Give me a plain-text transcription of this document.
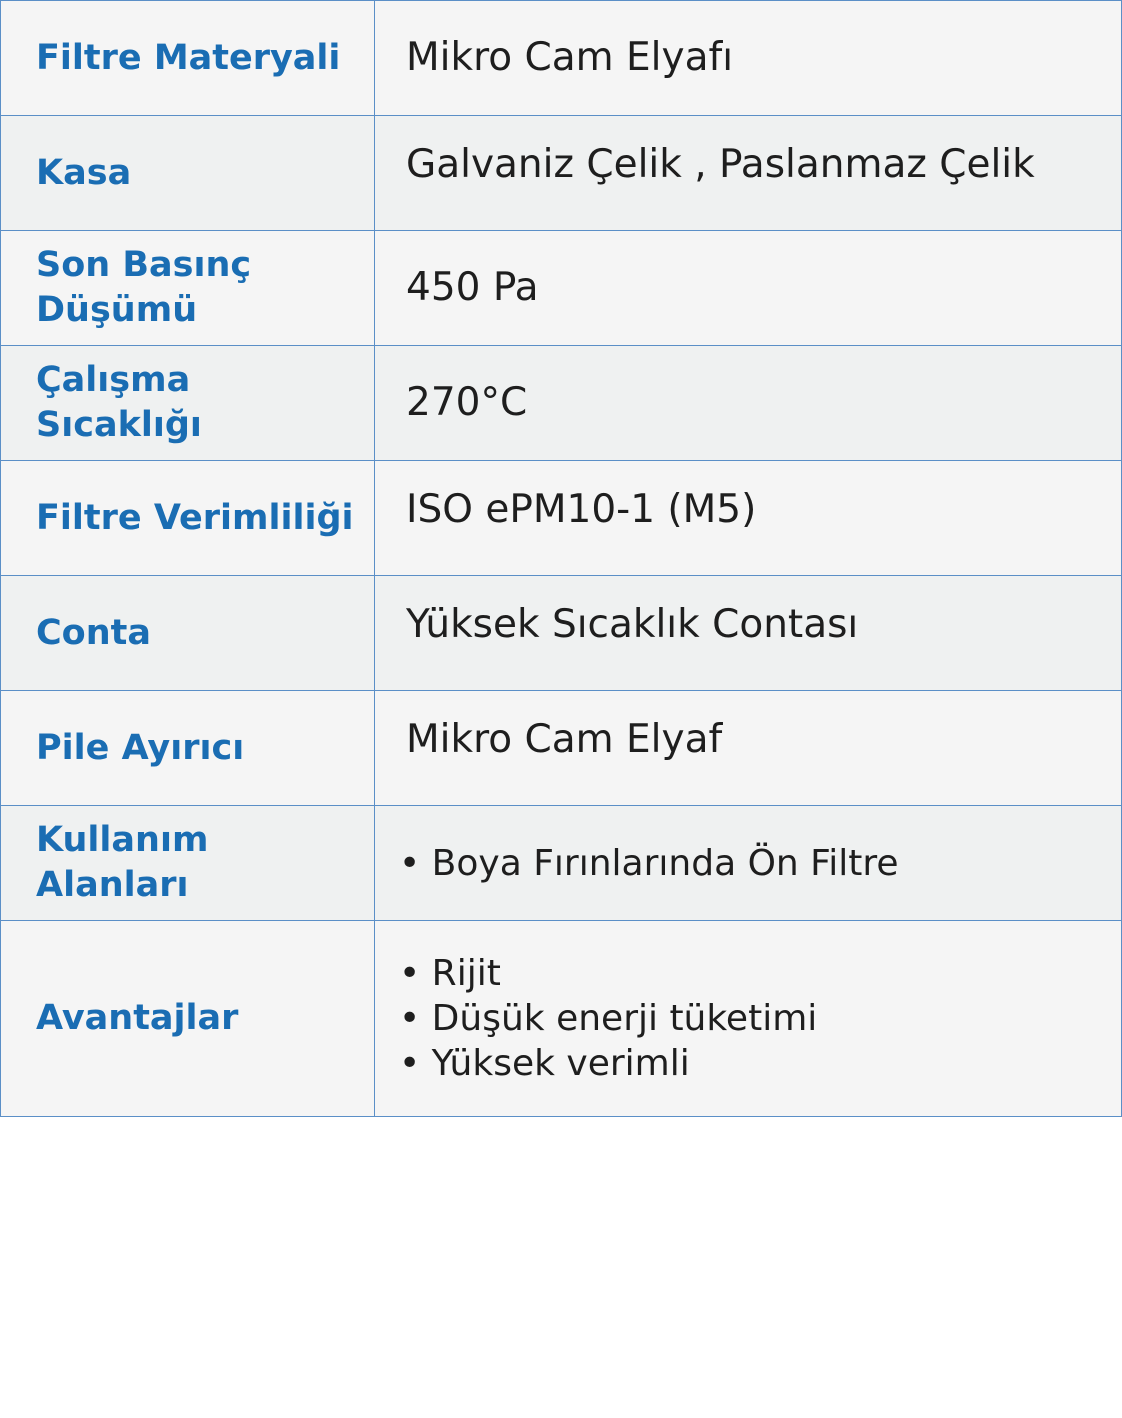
Filtre Materyali	Mikro Cam Elyafı
Kasa	Galvaniz Çelik , Paslanmaz Çelik
Son Basınç Düşümü	450 Pa
Çalışma Sıcaklığı	270°C
Filtre Verimliliği	ISO ePM10-1 (M5)
Conta	Yüksek Sıcaklık Contası
Pile Ayırıcı	Mikro Cam Elyaf
Kullanım Alanları	• Boya Fırınlarında Ön Filtre

Avantajlar	• Rijit
• Düşük enerji tüketimi
• Yüksek verimli
